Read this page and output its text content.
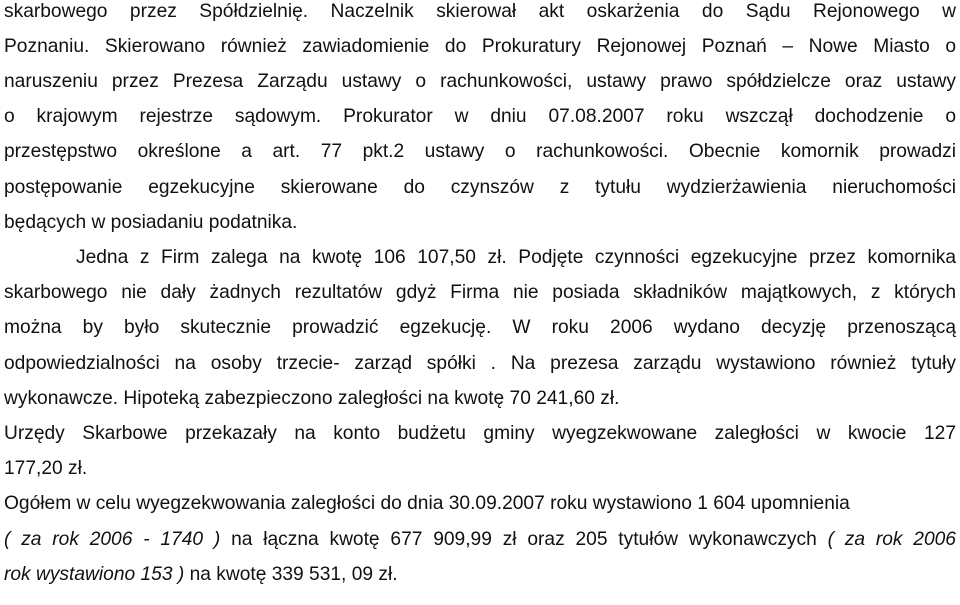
skarbowego przez Spółdzielnię. Naczelnik skierował akt oskarżenia do Sądu Rejonowego w
Poznaniu. Skierowano również zawiadomienie do Prokuratury Rejonowej Poznań – Nowe Miasto o
naruszeniu przez Prezesa Zarządu ustawy o rachunkowości, ustawy prawo spółdzielcze oraz ustawy
o krajowym rejestrze sądowym. Prokurator w dniu 07.08.2007 roku wszczął dochodzenie o
przestępstwo określone a art. 77 pkt.2 ustawy o rachunkowości. Obecnie komornik prowadzi
postępowanie egzekucyjne skierowane do czynszów z tytułu wydzierżawienia nieruchomości
będących w posiadaniu podatnika.
Jedna z Firm zalega na kwotę 106 107,50 zł. Podjęte czynności egzekucyjne przez komornika
skarbowego nie dały żadnych rezultatów gdyż Firma nie posiada składników majątkowych, z których
można by było skutecznie prowadzić egzekucję. W roku 2006 wydano decyzję przenoszącą
odpowiedzialności na osoby trzecie- zarząd spółki . Na prezesa zarządu wystawiono również tytuły
wykonawcze. Hipoteką zabezpieczono zaległości na kwotę 70 241,60 zł.
Urzędy Skarbowe przekazały na konto budżetu gminy wyegzekwowane zaległości w kwocie 127
177,20 zł.
Ogółem w celu wyegzekwowania zaległości do dnia 30.09.2007 roku wystawiono 1 604 upomnienia
( za rok 2006 - 1740 ) na łączna kwotę 677 909,99 zł oraz 205 tytułów wykonawczych ( za rok 2006
rok wystawiono 153 ) na kwotę 339 531, 09 zł.
